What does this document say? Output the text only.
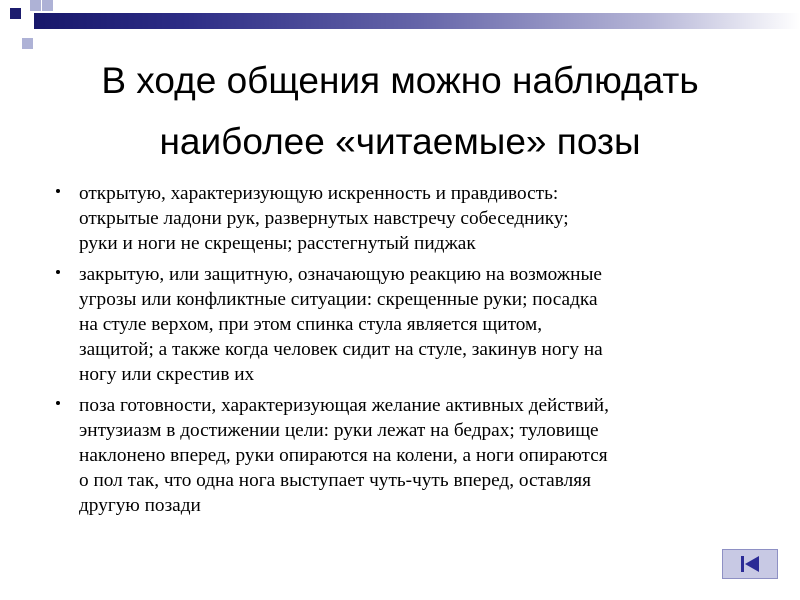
В ходе общения можно наблюдать
наиболее «читаемые» позы
открытую, характеризующую искренность и правдивость:
открытые ладони рук, развернутых навстречу собеседнику;
руки и ноги не скрещены; расстегнутый пиджак
закрытую, или защитную, означающую реакцию на возможные
угрозы или конфликтные ситуации: скрещенные руки; посадка
на стуле верхом, при этом спинка стула является щитом,
защитой; а также когда человек сидит на стуле, закинув ногу на
ногу или скрестив их
поза готовности, характеризующая желание активных действий,
энтузиазм в достижении цели: руки лежат на бедрах; туловище
наклонено вперед, руки опираются на колени, а ноги опираются
о пол так, что одна нога выступает чуть-чуть вперед, оставляя
другую позади
